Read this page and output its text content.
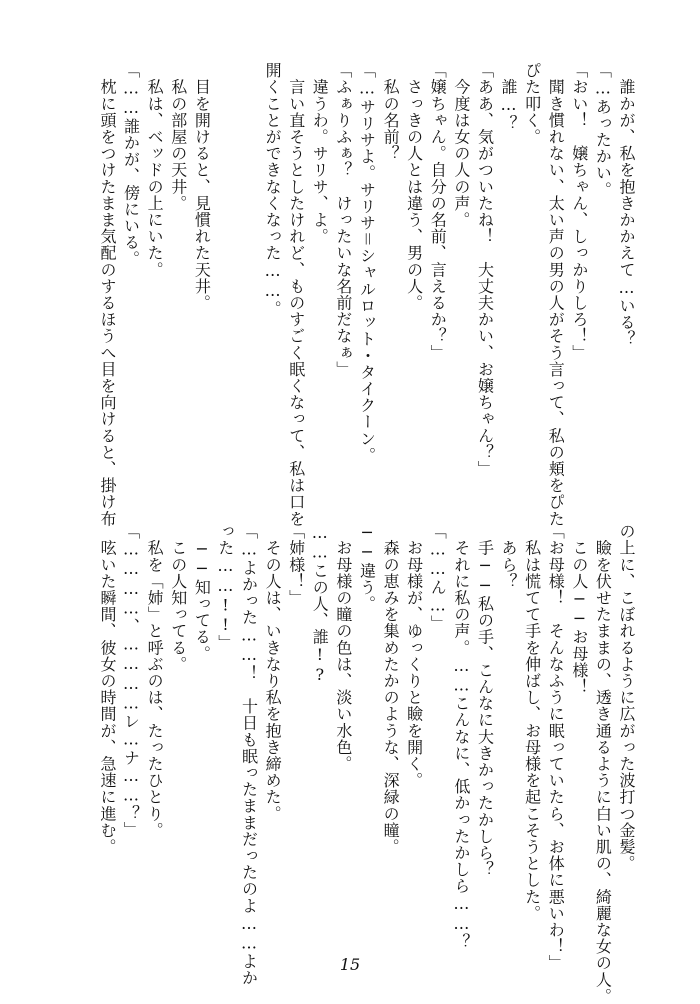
　誰かが、私を抱きかかえて…いる？

「…あったかい。

「おい！　嬢ちゃん、しっかりしろ！」

　聞き慣れない、太い声の男の人がそう言って、私の頬をぴた

ぴた叩く。

　誰…？

「ああ、気がついたね！　大丈夫かい、お嬢ちゃん？」

　今度は女の人の声。

「嬢ちゃん。自分の名前、言えるか？」

　さっきの人とは違う、男の人。

　私の名前？

「…サリサよ。サリサ＝シャルロット・タイクーン。

「ふぁりふぁ？　けったいな名前だなぁ」

　違うわ。サリサ、よ。

　言い直そうとしたけれど、ものすごく眠くなって、私は口を

開くことができなくなった……。

　目を開けると、見慣れた天井。

　私の部屋の天井。

　私は、ベッドの上にいた。

「……誰かが、傍にいる。

　枕に頭をつけたまま気配のするほうへ目を向けると、掛け布

の上に、こぼれるように広がった波打つ金髪。

　瞼を伏せたままの、透き通るように白い肌の、綺麗な女の人。

　この人──お母様！

「お母様！　そんなふうに眠っていたら、お体に悪いわ！」

　私は慌てて手を伸ばし、お母様を起こそうとした。

　あら？

　手──私の手、こんなに大きかったかしら？

　それに私の声。……こんなに、低かったかしら……？

「……ん…」

　お母様が、ゆっくりと瞼を開く。

　森の恵みを集めたかのような、深緑の瞳。

──違う。

　お母様の瞳の色は、淡い水色。

……この人、誰!?

「姉様！」

　その人は、いきなり私を抱き締めた。

「…よかった……！　十日も眠ったままだったのよ……よか

った……!!」

　──知ってる。

　この人知ってる。

　私を「姉」と呼ぶのは、たったひとり。

「…………、…………レ…ナ……？」

　呟いた瞬間、彼女の時間が、急速に進む。

15
